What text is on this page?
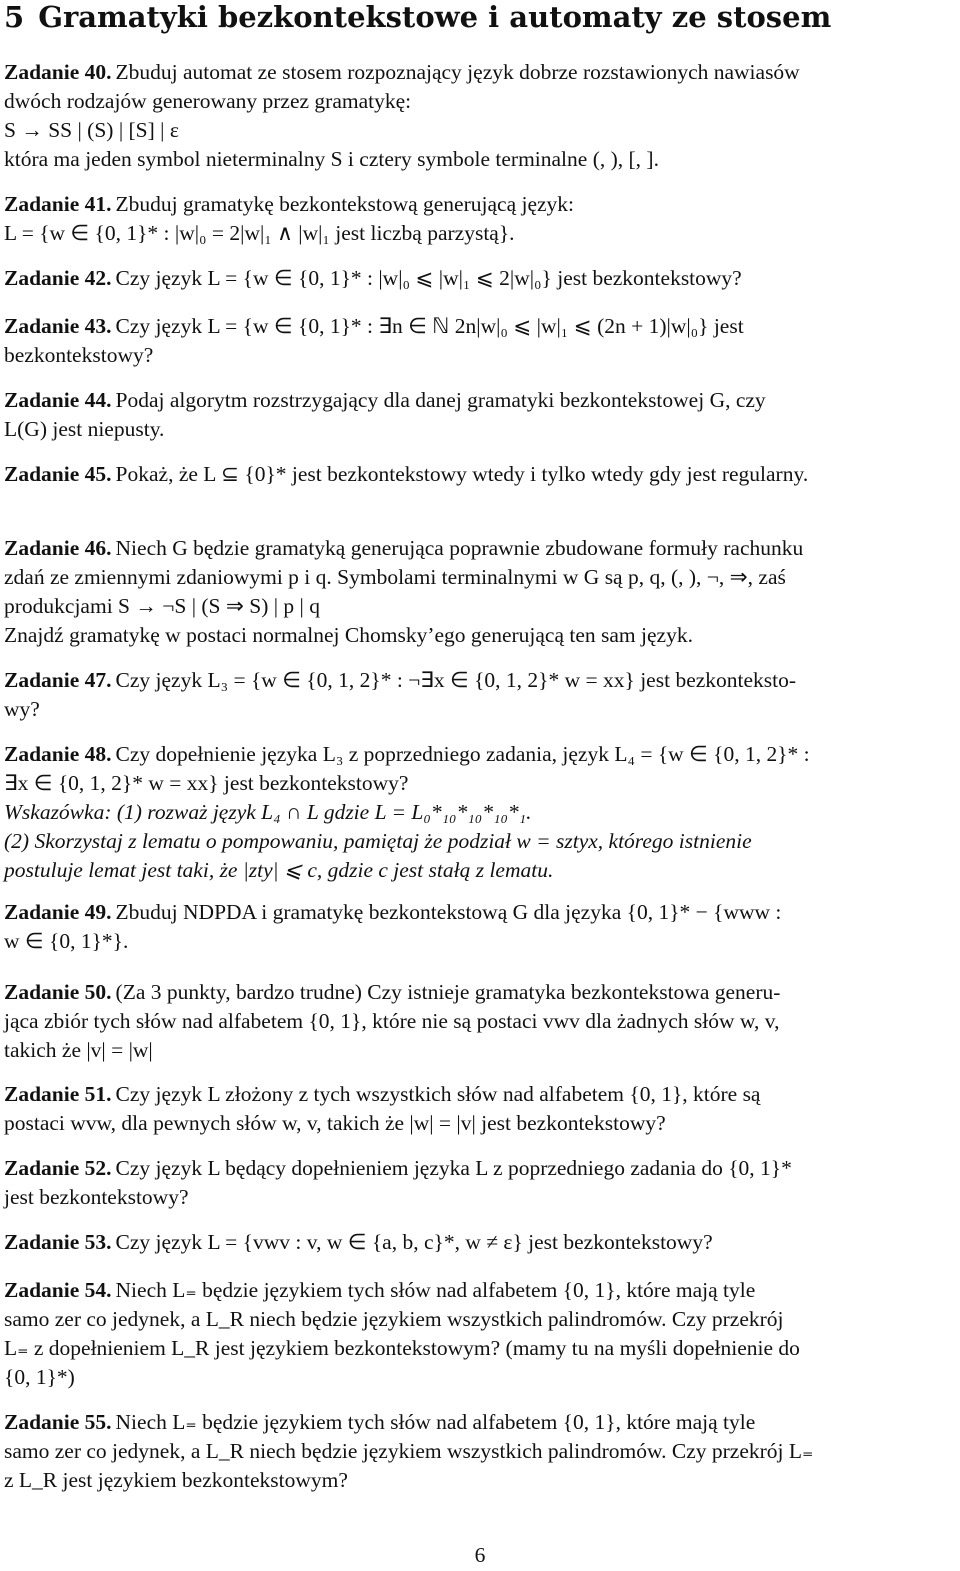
5 Gramatyki bezkontekstowe i automaty ze stosem

Zadanie 40. Zbuduj automat ze stosem rozpoznający język dobrze rozstawionych nawiasów
dwóch rodzajów generowany przez gramatykę:
S → SS | (S) | [S] | ε
która ma jeden symbol nieterminalny S i cztery symbole terminalne (, ), [, ].

Zadanie 41. Zbuduj gramatykę bezkontekstową generującą język:
L = {w ∈ {0, 1}* : |w|₀ = 2|w|₁ ∧ |w|₁ jest liczbą parzystą}.

Zadanie 42. Czy język L = {w ∈ {0, 1}* : |w|₀ ⩽ |w|₁ ⩽ 2|w|₀} jest bezkontekstowy?

Zadanie 43. Czy język L = {w ∈ {0, 1}* : ∃n ∈ ℕ 2n|w|₀ ⩽ |w|₁ ⩽ (2n + 1)|w|₀} jest
bezkontekstowy?

Zadanie 44. Podaj algorytm rozstrzygający dla danej gramatyki bezkontekstowej G, czy
L(G) jest niepusty.

Zadanie 45. Pokaż, że L ⊆ {0}* jest bezkontekstowy wtedy i tylko wtedy gdy jest regularny.

Zadanie 46. Niech G będzie gramatyką generująca poprawnie zbudowane formuły rachunku
zdań ze zmiennymi zdaniowymi p i q. Symbolami terminalnymi w G są p, q, (, ), ¬, ⇒, zaś
produkcjami S → ¬S | (S ⇒ S) | p | q
Znajdź gramatykę w postaci normalnej Chomsky’ego generującą ten sam język.

Zadanie 47. Czy język L₃ = {w ∈ {0, 1, 2}* : ¬∃x ∈ {0, 1, 2}* w = xx} jest bezkonteksto-
wy?

Zadanie 48. Czy dopełnienie języka L₃ z poprzedniego zadania, język L₄ = {w ∈ {0, 1, 2}* :
∃x ∈ {0, 1, 2}* w = xx} jest bezkontekstowy?
Wskazówka: (1) rozważ język L₄ ∩ L gdzie L = L₀*₁₀*₁₀*₁₀*₁.
(2) Skorzystaj z lematu o pompowaniu, pamiętaj że podział w = sztyx, którego istnienie
postuluje lemat jest taki, że |zty| ⩽ c, gdzie c jest stałą z lematu.

Zadanie 49. Zbuduj NDPDA i gramatykę bezkontekstową G dla języka {0, 1}* − {www :
w ∈ {0, 1}*}.

Zadanie 50. (Za 3 punkty, bardzo trudne) Czy istnieje gramatyka bezkontekstowa generu-
jąca zbiór tych słów nad alfabetem {0, 1}, które nie są postaci vwv dla żadnych słów w, v,
takich że |v| = |w|

Zadanie 51. Czy język L złożony z tych wszystkich słów nad alfabetem {0, 1}, które są
postaci wvw, dla pewnych słów w, v, takich że |w| = |v| jest bezkontekstowy?

Zadanie 52. Czy język L będący dopełnieniem języka L z poprzedniego zadania do {0, 1}*
jest bezkontekstowy?

Zadanie 53. Czy język L = {vwv : v, w ∈ {a, b, c}*, w ≠ ε} jest bezkontekstowy?

Zadanie 54. Niech L₌ będzie językiem tych słów nad alfabetem {0, 1}, które mają tyle
samo zer co jedynek, a L_R niech będzie językiem wszystkich palindromów. Czy przekrój
L₌ z dopełnieniem L_R jest językiem bezkontekstowym? (mamy tu na myśli dopełnienie do
{0, 1}*)

Zadanie 55. Niech L₌ będzie językiem tych słów nad alfabetem {0, 1}, które mają tyle
samo zer co jedynek, a L_R niech będzie językiem wszystkich palindromów. Czy przekrój L₌
z L_R jest językiem bezkontekstowym?

6
